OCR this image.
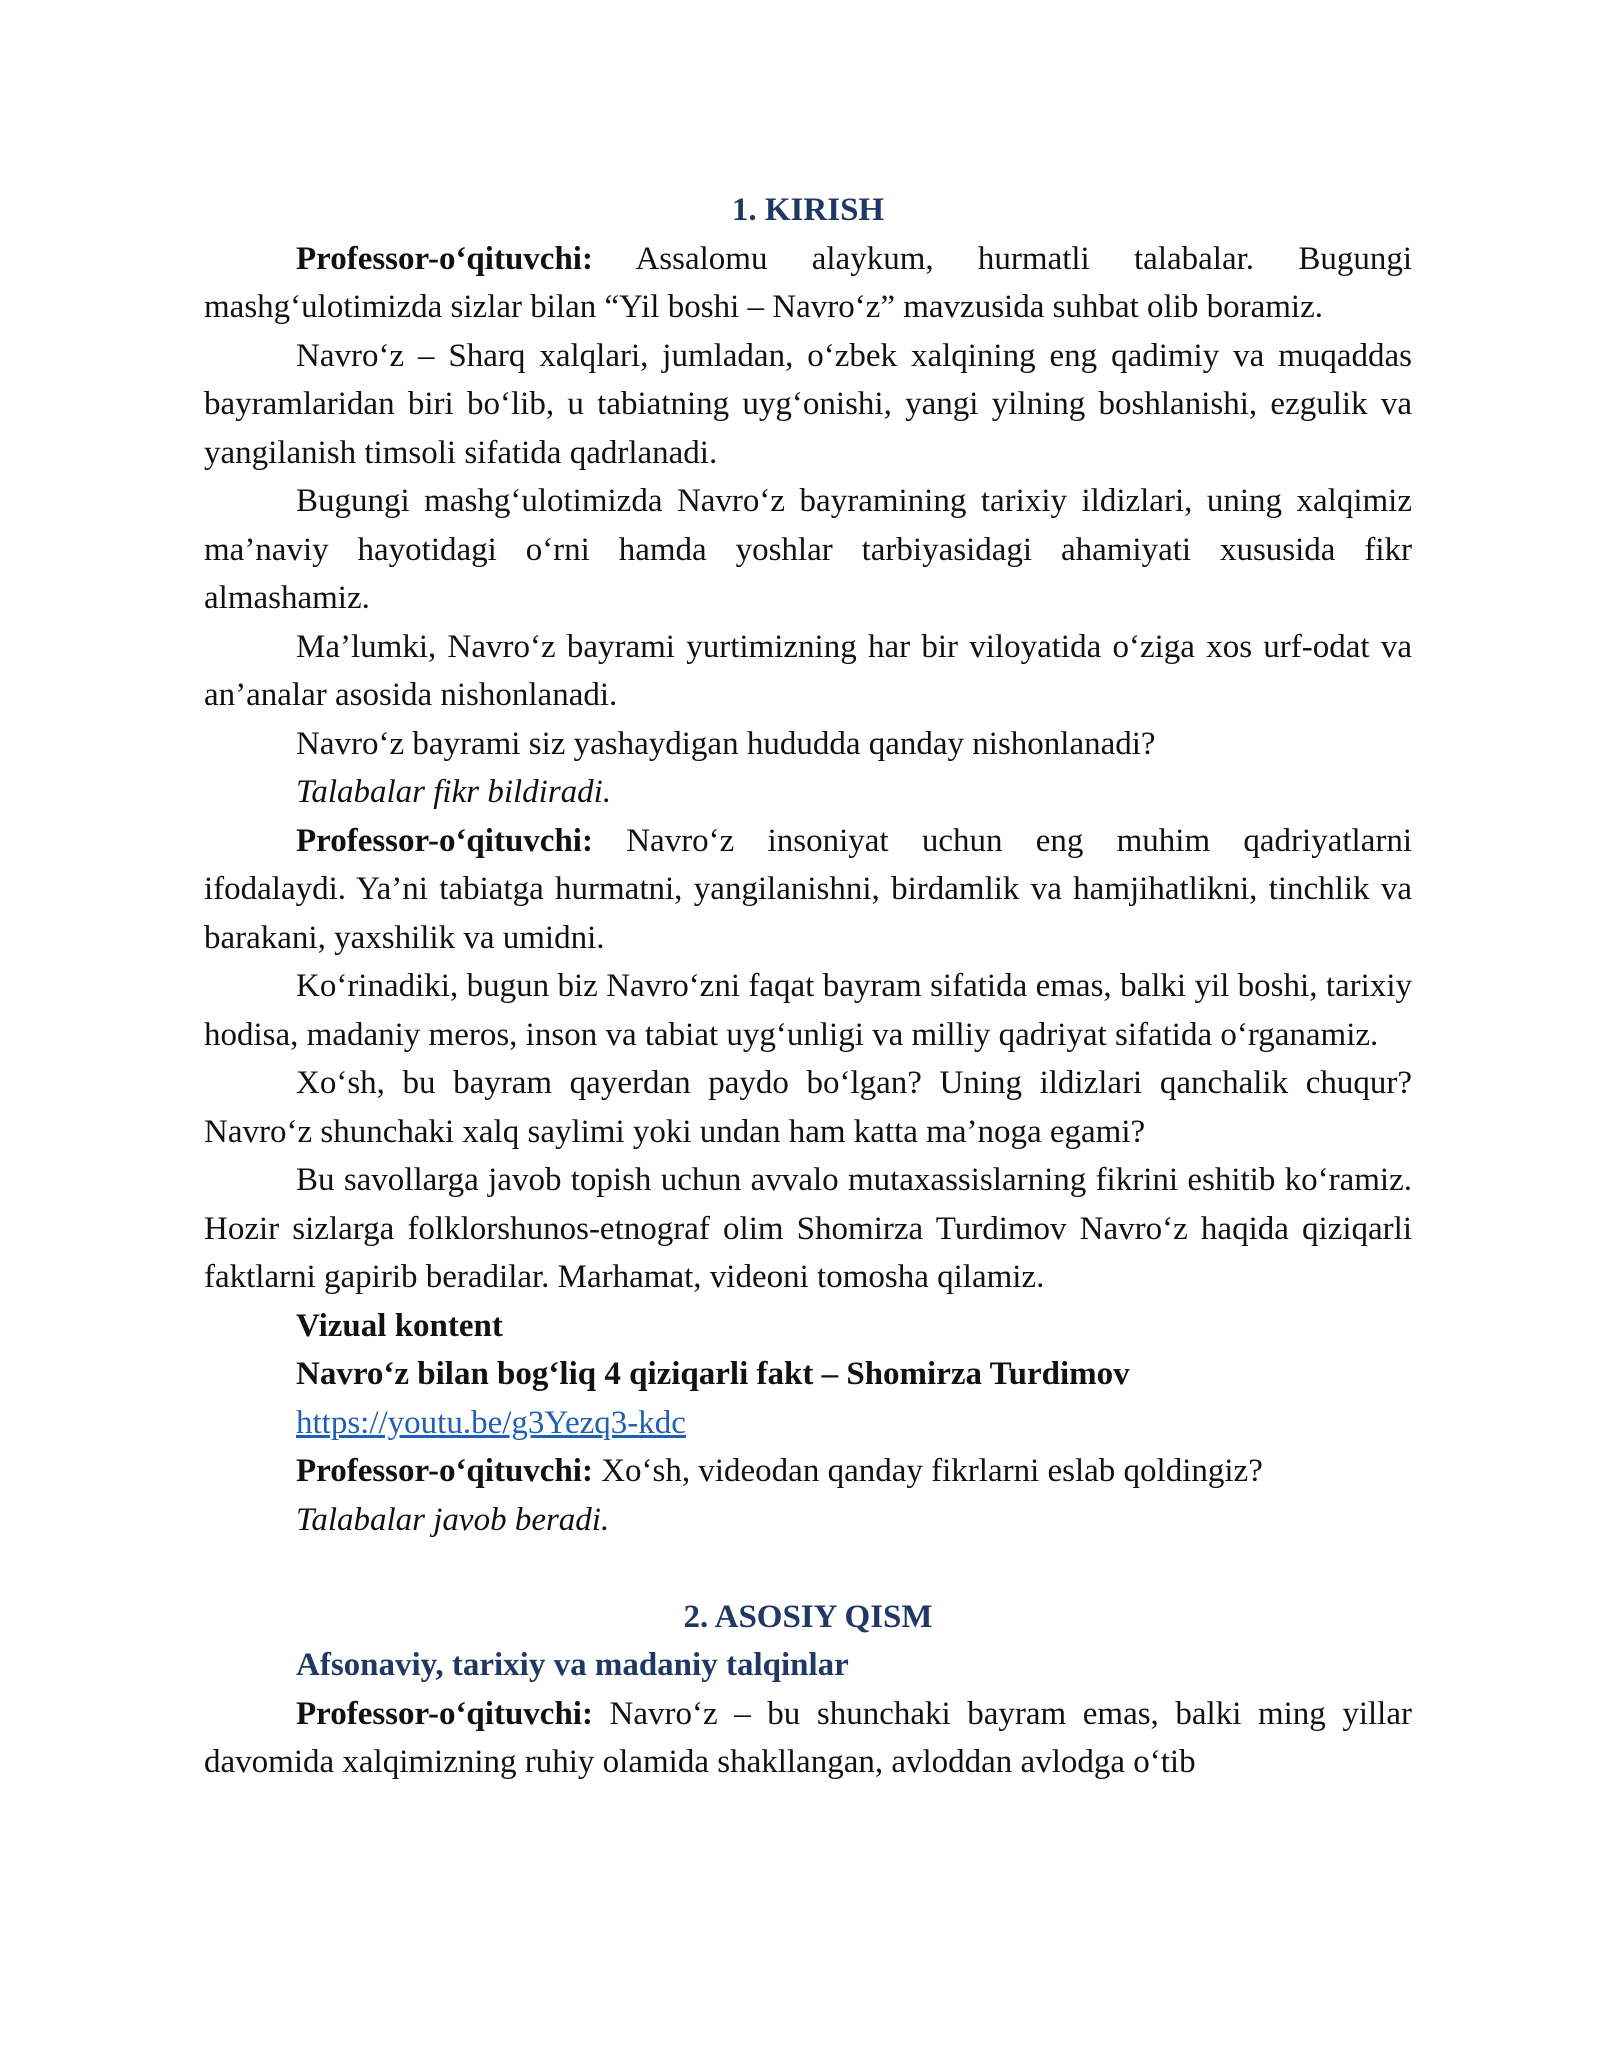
1. KIRISH

Professor-o‘qituvchi: Assalomu alaykum, hurmatli talabalar. Bugungi mashg‘ulotimizda sizlar bilan “Yil boshi – Navro‘z” mavzusida suhbat olib boramiz.

Navro‘z – Sharq xalqlari, jumladan, o‘zbek xalqining eng qadimiy va muqaddas bayramlaridan biri bo‘lib, u tabiatning uyg‘onishi, yangi yilning boshlanishi, ezgulik va yangilanish timsoli sifatida qadrlanadi.

Bugungi mashg‘ulotimizda Navro‘z bayramining tarixiy ildizlari, uning xalqimiz ma’naviy hayotidagi o‘rni hamda yoshlar tarbiyasidagi ahamiyati xususida fikr almashamiz.

Ma’lumki, Navro‘z bayrami yurtimizning har bir viloyatida o‘ziga xos urf-odat va an’analar asosida nishonlanadi.

Navro‘z bayrami siz yashaydigan hududda qanday nishonlanadi?

Talabalar fikr bildiradi.

Professor-o‘qituvchi: Navro‘z insoniyat uchun eng muhim qadriyatlarni ifodalaydi. Ya’ni tabiatga hurmatni, yangilanishni, birdamlik va hamjihatlikni, tinchlik va barakani, yaxshilik va umidni.

Ko‘rinadiki, bugun biz Navro‘zni faqat bayram sifatida emas, balki yil boshi, tarixiy hodisa, madaniy meros, inson va tabiat uyg‘unligi va milliy qadriyat sifatida o‘rganamiz.

Xo‘sh, bu bayram qayerdan paydo bo‘lgan? Uning ildizlari qanchalik chuqur? Navro‘z shunchaki xalq saylimi yoki undan ham katta ma’noga egami?

Bu savollarga javob topish uchun avvalo mutaxassislarning fikrini eshitib ko‘ramiz. Hozir sizlarga folklorshunos-etnograf olim Shomirza Turdimov Navro‘z haqida qiziqarli faktlarni gapirib beradilar. Marhamat, videoni tomosha qilamiz.

Vizual kontent

Navro‘z bilan bog‘liq 4 qiziqarli fakt – Shomirza Turdimov

https://youtu.be/g3Yezq3-kdc

Professor-o‘qituvchi: Xo‘sh, videodan qanday fikrlarni eslab qoldingiz?

Talabalar javob beradi.

2. ASOSIY QISM
Afsonaviy, tarixiy va madaniy talqinlar

Professor-o‘qituvchi: Navro‘z – bu shunchaki bayram emas, balki ming yillar davomida xalqimizning ruhiy olamida shakllangan, avloddan avlodga o‘tib
